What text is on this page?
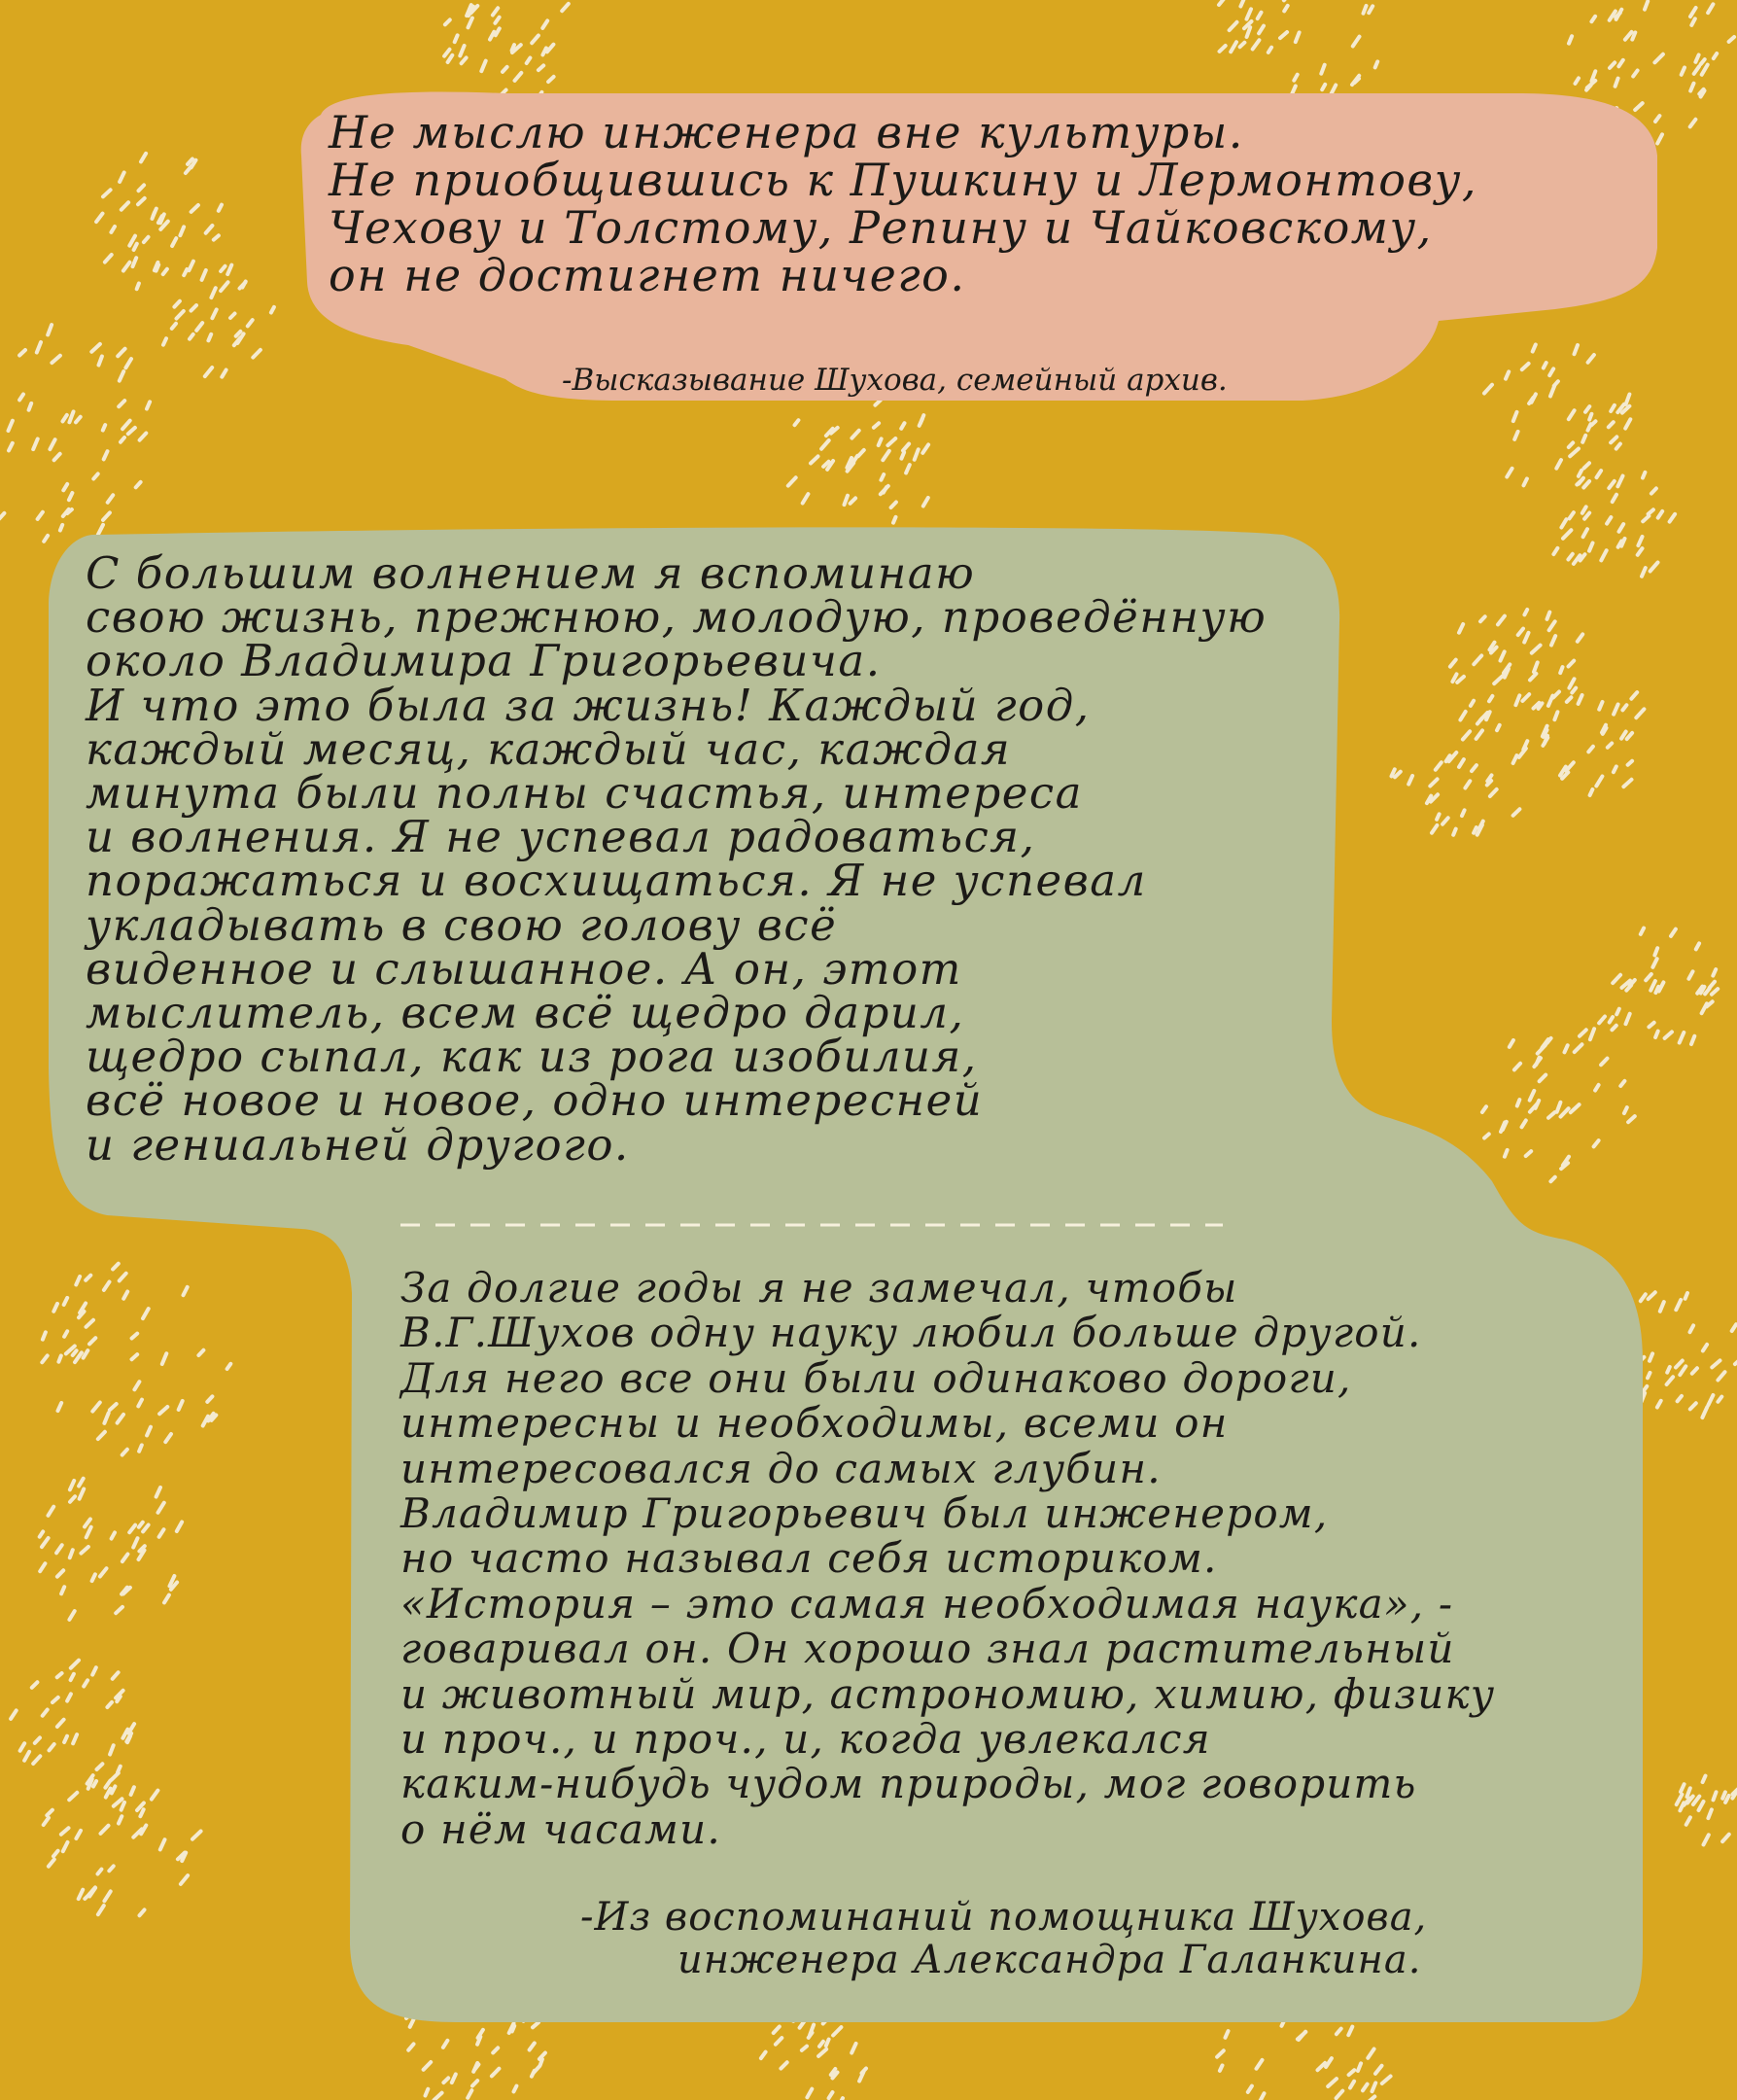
Не мыслю инженера вне культуры.
Не приобщившись к Пушкину и Лермонтову,
Чехову и Толстому, Репину и Чайковскому,
он не достигнет ничего.
-Высказывание Шухова, семейный архив.
С большим волнением я вспоминаю
свою жизнь, прежнюю, молодую, проведённую
около Владимира Григорьевича.
И что это была за жизнь! Каждый год,
каждый месяц, каждый час, каждая
минута были полны счастья, интереса
и волнения. Я не успевал радоваться,
поражаться и восхищаться. Я не успевал
укладывать в свою голову всё
виденное и слышанное. А он, этот
мыслитель, всем всё щедро дарил,
щедро сыпал, как из рога изобилия,
всё новое и новое, одно интересней
и гениальней другого.
За долгие годы я не замечал, чтобы
В.Г.Шухов одну науку любил больше другой.
Для него все они были одинаково дороги,
интересны и необходимы, всеми он
интересовался до самых глубин.
Владимир Григорьевич был инженером,
но часто называл себя историком.
«История – это самая необходимая наука», -
говаривал он. Он хорошо знал растительный
и животный мир, астрономию, химию, физику
и проч., и проч., и, когда увлекался
каким-нибудь чудом природы, мог говорить
о нём часами.
-Из воспоминаний помощника Шухова,
инженера Александра Галанкина.
